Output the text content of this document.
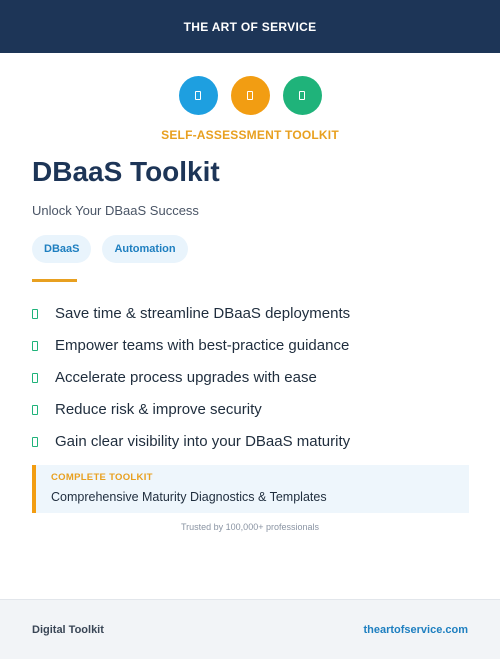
THE ART OF SERVICE
SELF-ASSESSMENT TOOLKIT
DBaaS Toolkit
Unlock Your DBaaS Success
DBaaS	Automation
Save time & streamline DBaaS deployments
Empower teams with best-practice guidance
Accelerate process upgrades with ease
Reduce risk & improve security
Gain clear visibility into your DBaaS maturity
COMPLETE TOOLKIT
Comprehensive Maturity Diagnostics & Templates
Trusted by 100,000+ professionals
Digital Toolkit	theartofservice.com
